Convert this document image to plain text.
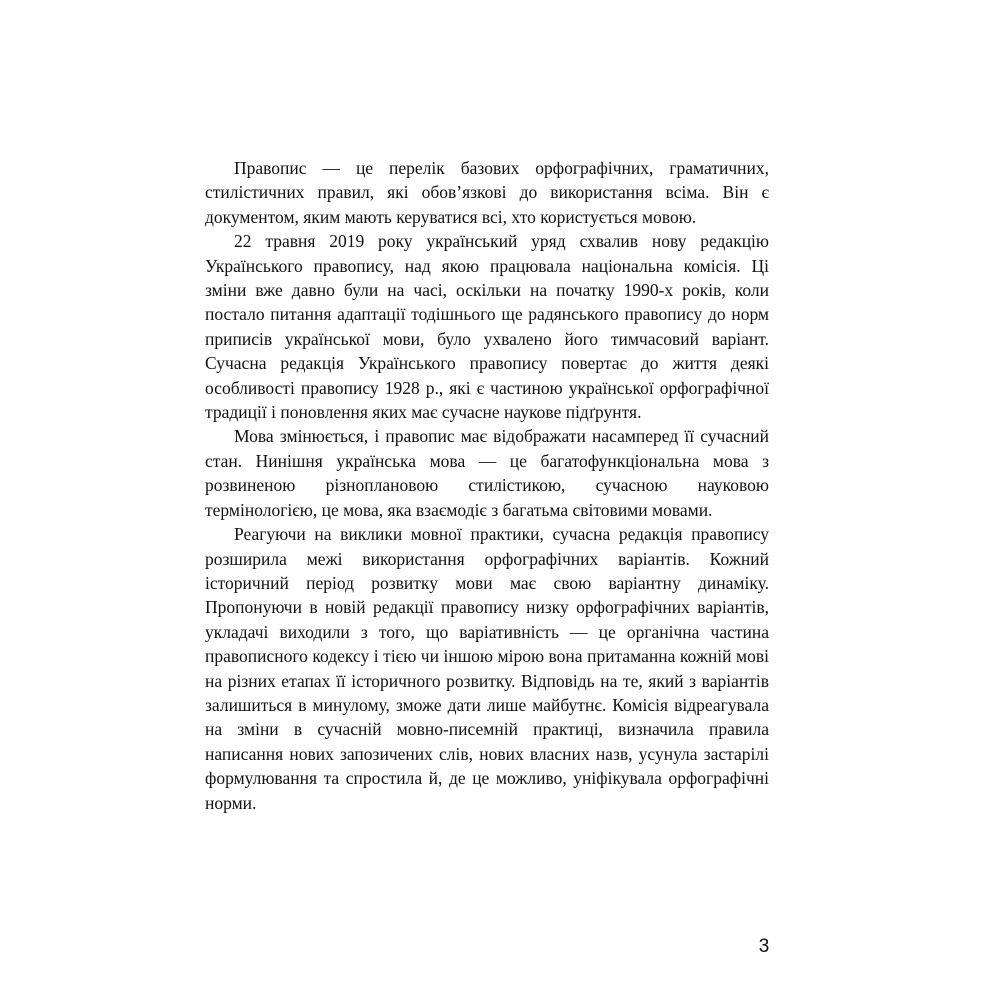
Правопис — це перелік базових орфографічних, граматичних, стилістичних правил, які обов’язкові до використання всіма. Він є документом, яким мають керуватися всі, хто користується мовою.

22 травня 2019 року український уряд схвалив нову редакцію Українського правопису, над якою працювала національна комісія. Ці зміни вже давно були на часі, оскільки на початку 1990-х років, коли постало питання адаптації тодішнього ще радянського правопису до норм приписів української мови, було ухвалено його тимчасовий варіант. Сучасна редакція Українського правопису повертає до життя деякі особливості правопису 1928 р., які є частиною української орфографічної традиції і поновлення яких має сучасне наукове підґрунтя.

Мова змінюється, і правопис має відображати насамперед її сучасний стан. Нинішня українська мова — це багатофункціональна мова з розвиненою різноплановою стилістикою, сучасною науковою термінологією, це мова, яка взаємодіє з багатьма світовими мовами.

Реагуючи на виклики мовної практики, сучасна редакція правопису розширила межі використання орфографічних варіантів. Кожний історичний період розвитку мови має свою варіантну динаміку. Пропонуючи в новій редакції правопису низку орфографічних варіантів, укладачі виходили з того, що варіативність — це органічна частина правописного кодексу і тією чи іншою мірою вона притаманна кожній мові на різних етапах її історичного розвитку. Відповідь на те, який з варіантів залишиться в минулому, зможе дати лише майбутнє. Комісія відреагувала на зміни в сучасній мовно-писемній практиці, визначила правила написання нових запозичених слів, нових власних назв, усунула застарілі формулювання та спростила й, де це можливо, уніфікувала орфографічні норми.

3
